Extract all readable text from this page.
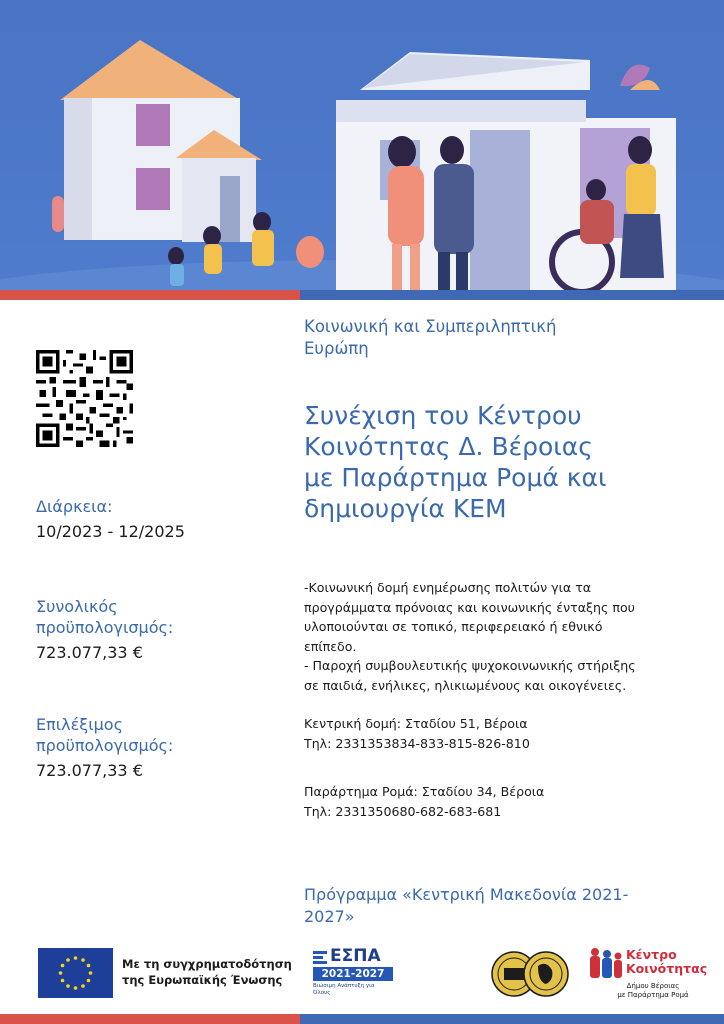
Διάρκεια:
10/2023 - 12/2025
Συνολικός
προϋπολογισμός:
723.077,33 €
Επιλέξιμος
προϋπολογισμός:
723.077,33 €
Κοινωνική και Συμπεριληπτική
Ευρώπη
Συνέχιση του Κέντρου
Κοινότητας Δ. Βέροιας
με Παράρτημα Ρομά και
δημιουργία ΚΕΜ
-Κοινωνική δομή ενημέρωσης πολιτών για τα
προγράμματα πρόνοιας και κοινωνικής ένταξης που
υλοποιούνται σε τοπικό, περιφερειακό ή εθνικό
επίπεδο.
- Παροχή συμβουλευτικής ψυχοκοινωνικής στήριξης
σε παιδιά, ενήλικες, ηλικιωμένους και οικογένειες.
Κεντρική δομή: Σταδίου 51, Βέροια
Τηλ: 2331353834-833-815-826-810
Παράρτημα Ρομά: Σταδίου 34, Βέροια
Τηλ: 2331350680-682-683-681
Πρόγραμμα «Κεντρική Μακεδονία 2021-
2027»
Με τη συγχρηματοδότηση
της Ευρωπαϊκής Ένωσης
ΕΣΠΑ
2021-2027
Βιώσιμη Ανάπτυξη για Όλους
Κέντρο
Κοινότητας
Δήμου Βέροιας
με Παράρτημα Ρομά
